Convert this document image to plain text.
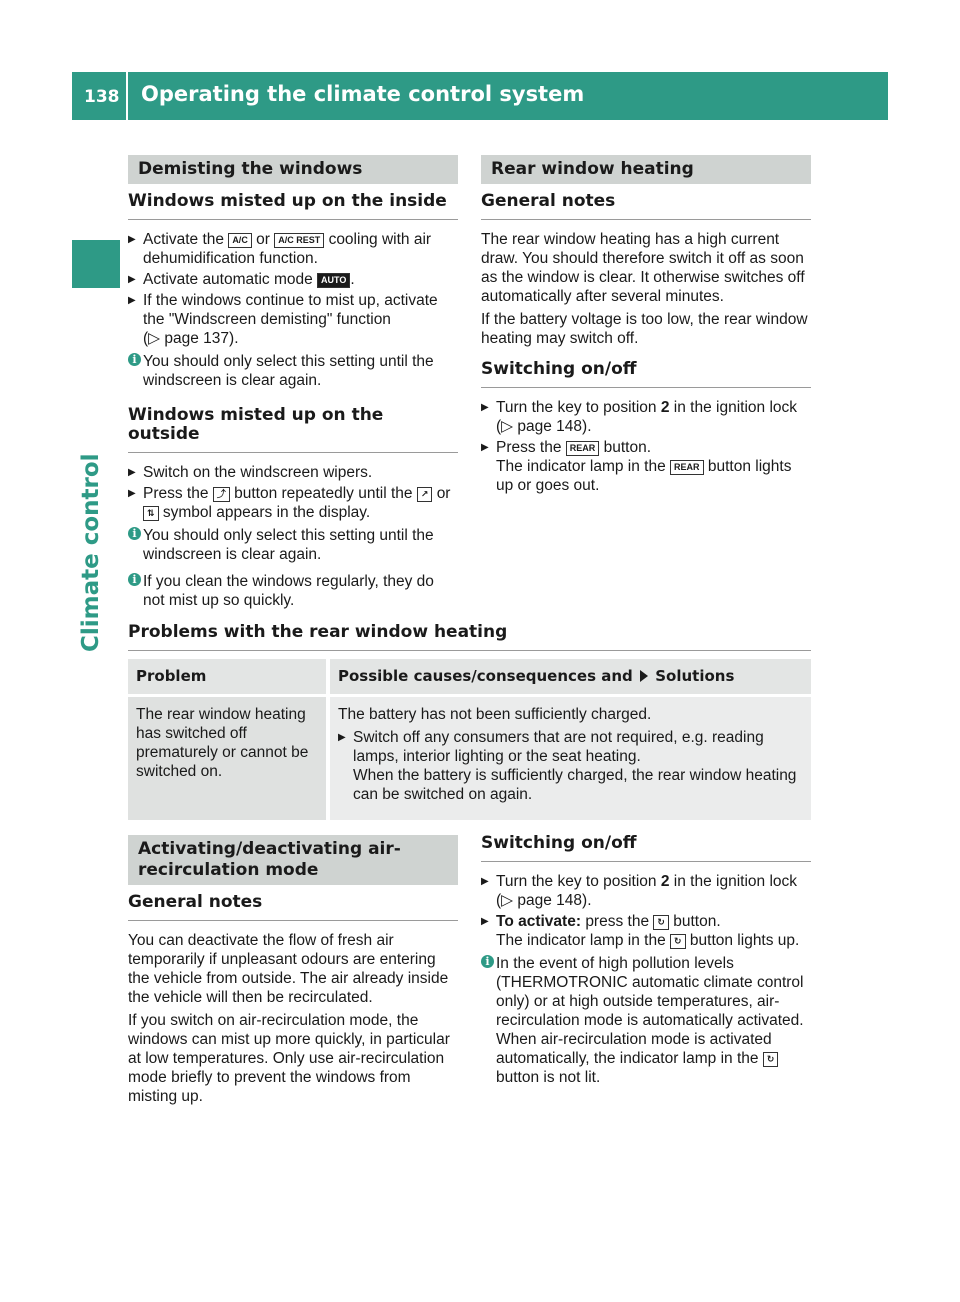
138 Operating the climate control system
Climate control
Demisting the windows
Windows misted up on the inside
▶ Activate the A/C or A/C REST cooling with air dehumidification function.
▶ Activate automatic mode AUTO .
▶ If the windows continue to mist up, activate the "Windscreen demisting" function
(▷ page 137).
i You should only select this setting until the windscreen is clear again.
Windows misted up on the outside
▶ Switch on the windscreen wipers.
▶ Press the ⤴ button repeatedly until the ↗ or ⇅ symbol appears in the display.
i You should only select this setting until the windscreen is clear again.
i If you clean the windows regularly, they do not mist up so quickly.
Rear window heating
General notes

The rear window heating has a high current draw. You should therefore switch it off as soon as the window is clear. It otherwise switches off automatically after several minutes.

If the battery voltage is too low, the rear window heating may switch off.

Switching on/off
▶ Turn the key to position 2 in the ignition lock
(▷ page 148).
▶ Press the REAR button.
The indicator lamp in the REAR button lights up or goes out.
Problems with the rear window heating
Problem	Possible causes/consequences and Solutions
The rear window heating has switched off prematurely or cannot be switched on.	The battery has not been sufficiently charged.

▶ Switch off any consumers that are not required, e.g. reading lamps, interior lighting or the seat heating.
When the battery is sufficiently charged, the rear window heating can be switched on again.
Activating/deactivating air-recirculation mode
General notes

You can deactivate the flow of fresh air temporarily if unpleasant odours are entering the vehicle from outside. The air already inside the vehicle will then be recirculated.

If you switch on air-recirculation mode, the windows can mist up more quickly, in particular at low temperatures. Only use air-recirculation mode briefly to prevent the windows from misting up.

Switching on/off
▶ Turn the key to position 2 in the ignition lock
(▷ page 148).
▶ To activate: press the ↻ button.
The indicator lamp in the ↻ button lights up.
i In the event of high pollution levels (THERMOTRONIC automatic climate control only) or at high outside temperatures, air-recirculation mode is automatically activated. When air-recirculation mode is activated automatically, the indicator lamp in the ↻ button is not lit.
